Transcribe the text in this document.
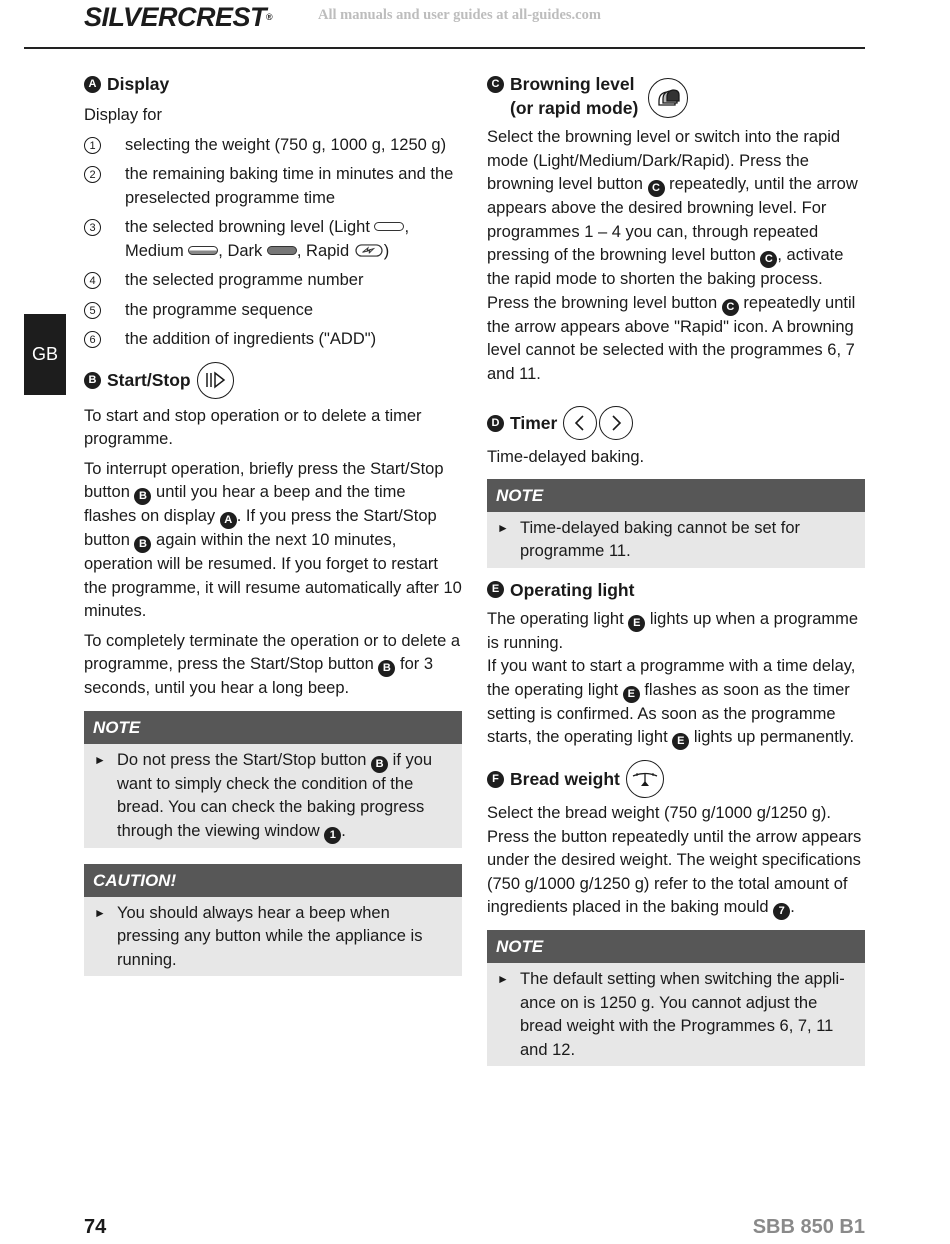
SILVERCREST®	All manuals and user guides at all-guides.com
GB
A Display

Display for

1	selecting the weight (750 g, 1000 g, 1250 g)
2	the remaining baking time in minutes and the preselected programme time
3	the selected browning level (Light , Medium , Dark , Rapid )
4	the selected programme number
5	the programme sequence
6	the addition of ingredients ("ADD")
B Start/Stop

To start and stop operation or to delete a timer programme.

To interrupt operation, briefly press the Start/Stop button B until you hear a beep and the time flashes on display A . If you press the Start/Stop button B again within the next 10 minutes, operation will be resumed. If you forget to restart the programme, it will resume automatically after 10 minutes.

To completely terminate the operation or to delete a programme, press the Start/Stop button B for 3 seconds, until you hear a long beep.

NOTE
► Do not press the Start/Stop button B if you want to simply check the condition of the bread. You can check the baking progress through the viewing window 1 .
CAUTION!
► You should always hear a beep when pressing any button while the appliance is running.
C Browning level
(or rapid mode)

Select the browning level or switch into the rapid mode (Light/Medium/Dark/Rapid). Press the browning level button C repeatedly, until the arrow appears above the desired browning level. For programmes 1 – 4 you can, through repeated pressing of the browning level button C , activate the rapid mode to shorten the baking process. Press the browning level button C repeatedly until the arrow appears above "Rapid" icon. A browning level cannot be selected with the programmes 6, 7 and 11.

D Timer

Time-delayed baking.

NOTE
► Time-delayed baking cannot be set for programme 11.
E Operating light

The operating light E lights up when a programme is running.
If you want to start a programme with a time delay, the operating light E flashes as soon as the timer setting is confirmed. As soon as the programme starts, the operating light E lights up permanently.

F Bread weight

Select the bread weight (750 g/1000 g/1250 g). Press the button repeatedly until the arrow appears under the desired weight. The weight specifications (750 g/1000 g/1250 g) refer to the total amount of ingredients placed in the baking mould 7 .

NOTE
► The default setting when switching the appli-ance on is 1250 g. You cannot adjust the bread weight with the Programmes 6, 7, 11 and 12.
74	SBB 850 B1
